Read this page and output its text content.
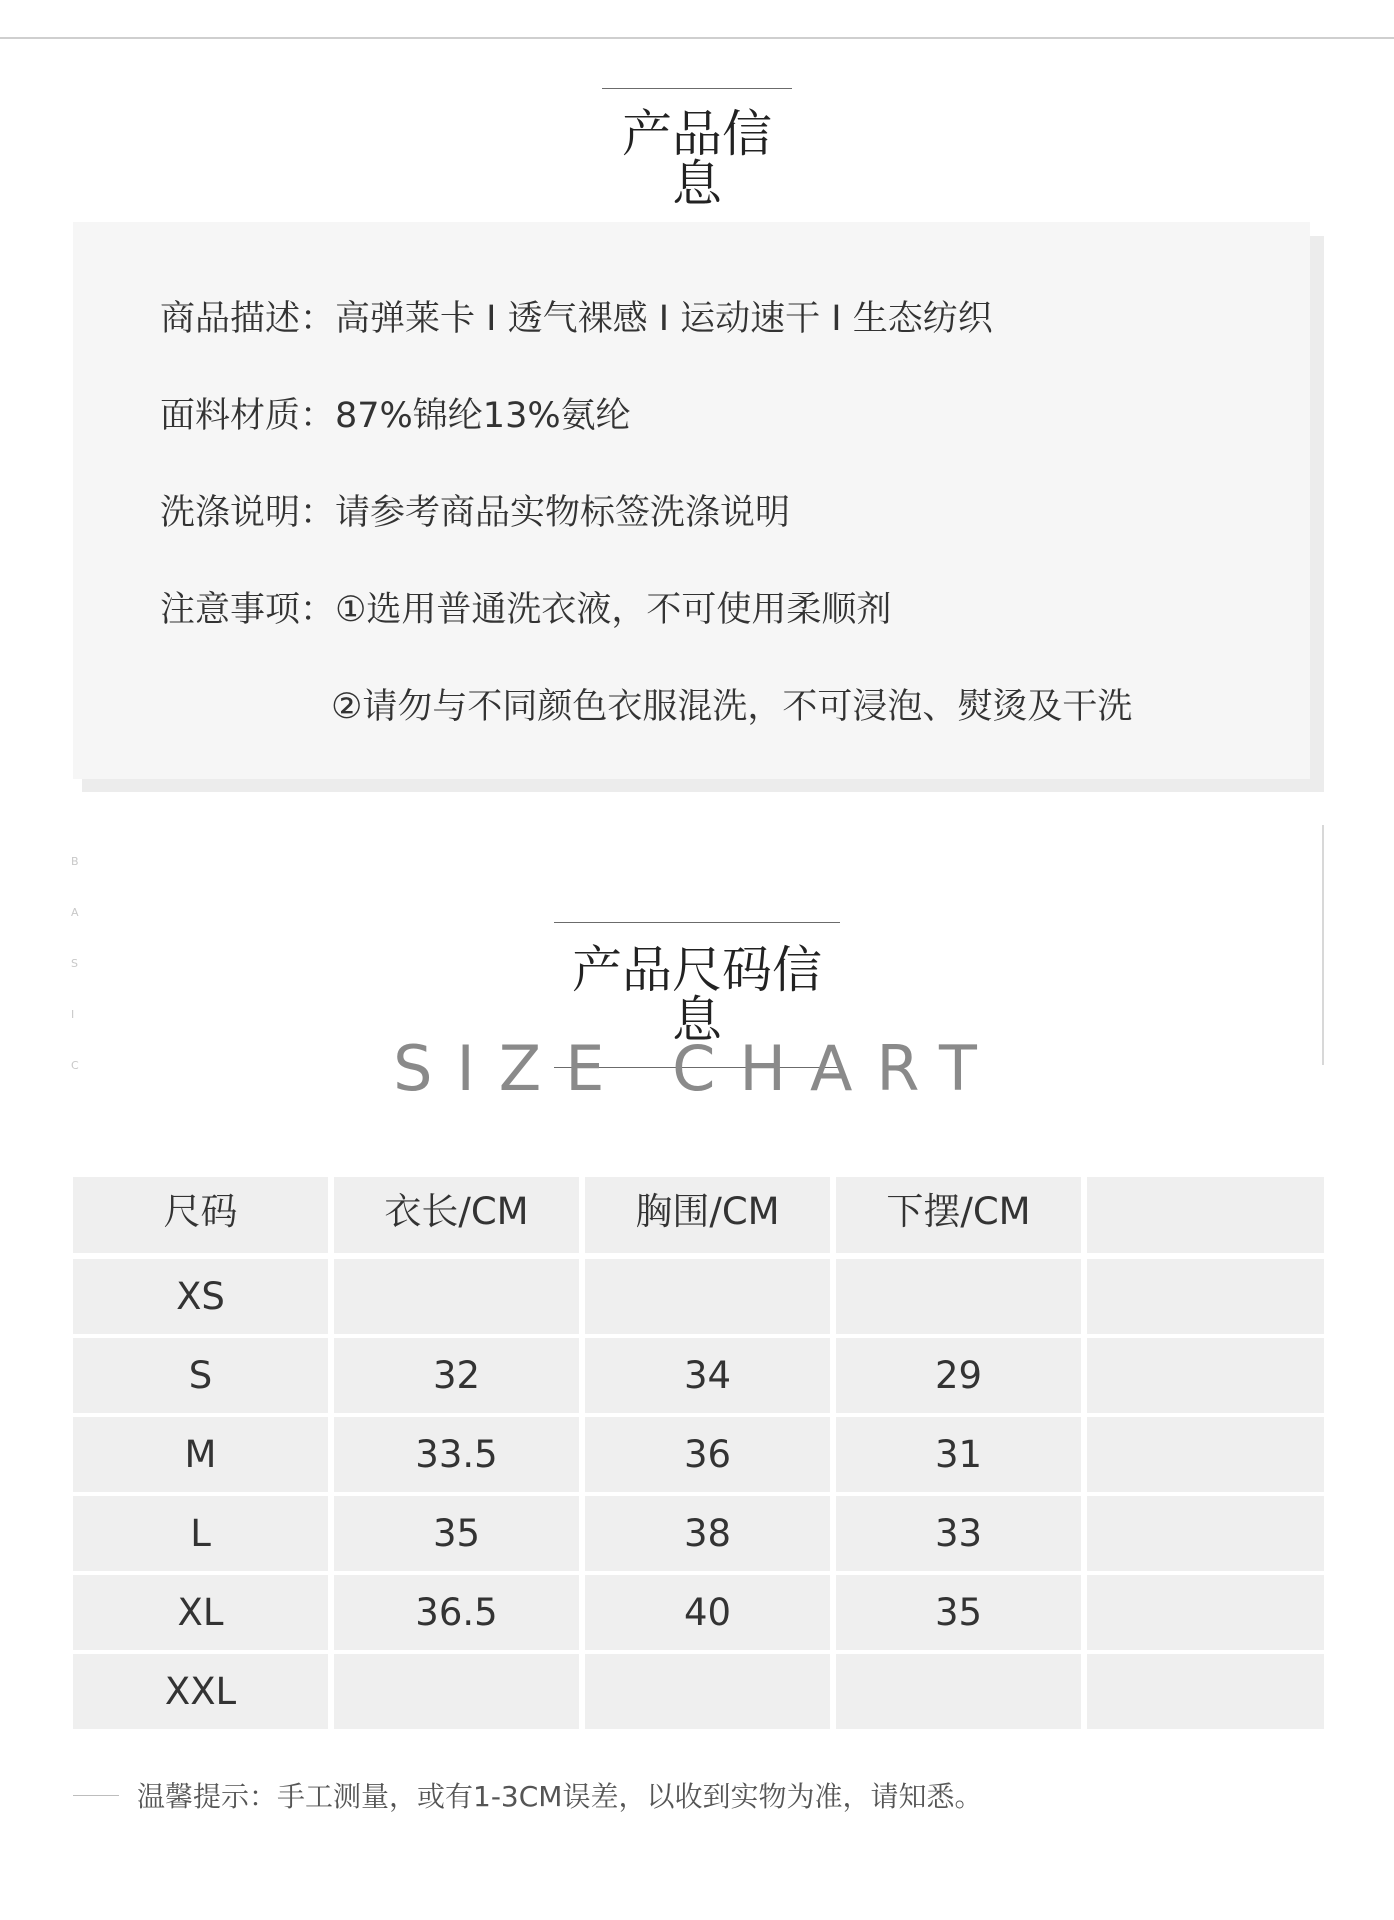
产品信息
商品描述：高弹莱卡 I 透气裸感 I 运动速干 I 生态纺织
面料材质：87%锦纶13%氨纶
洗涤说明：请参考商品实物标签洗涤说明
注意事项：①选用普通洗衣液，不可使用柔顺剂
②请勿与不同颜色衣服混洗，不可浸泡、熨烫及干洗
B
A
S
I
C
产品尺码信息
SIZE CHART
尺码	衣长/CM	胸围/CM	下摆/CM
XS
S	32	34	29
M	33.5	36	31
L	35	38	33
XL	36.5	40	35
XXL
温馨提示：手工测量，或有1-3CM误差，以收到实物为准，请知悉。
